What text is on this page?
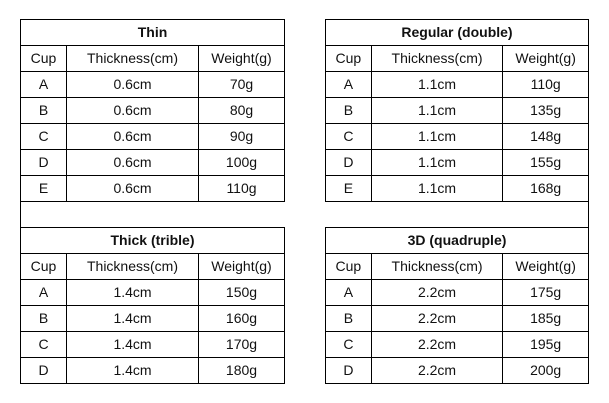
Thin		
Cup	Thickness(cm)	Weight(g)
A	0.6cm	70g
B	0.6cm	80g
C	0.6cm	90g
D	0.6cm	100g
E	0.6cm	110g
Regular (double)		
Cup	Thickness(cm)	Weight(g)
A	1.1cm	110g
B	1.1cm	135g
C	1.1cm	148g
D	1.1cm	155g
E	1.1cm	168g
Thick (trible)		
Cup	Thickness(cm)	Weight(g)
A	1.4cm	150g
B	1.4cm	160g
C	1.4cm	170g
D	1.4cm	180g
3D (quadruple)		
Cup	Thickness(cm)	Weight(g)
A	2.2cm	175g
B	2.2cm	185g
C	2.2cm	195g
D	2.2cm	200g
